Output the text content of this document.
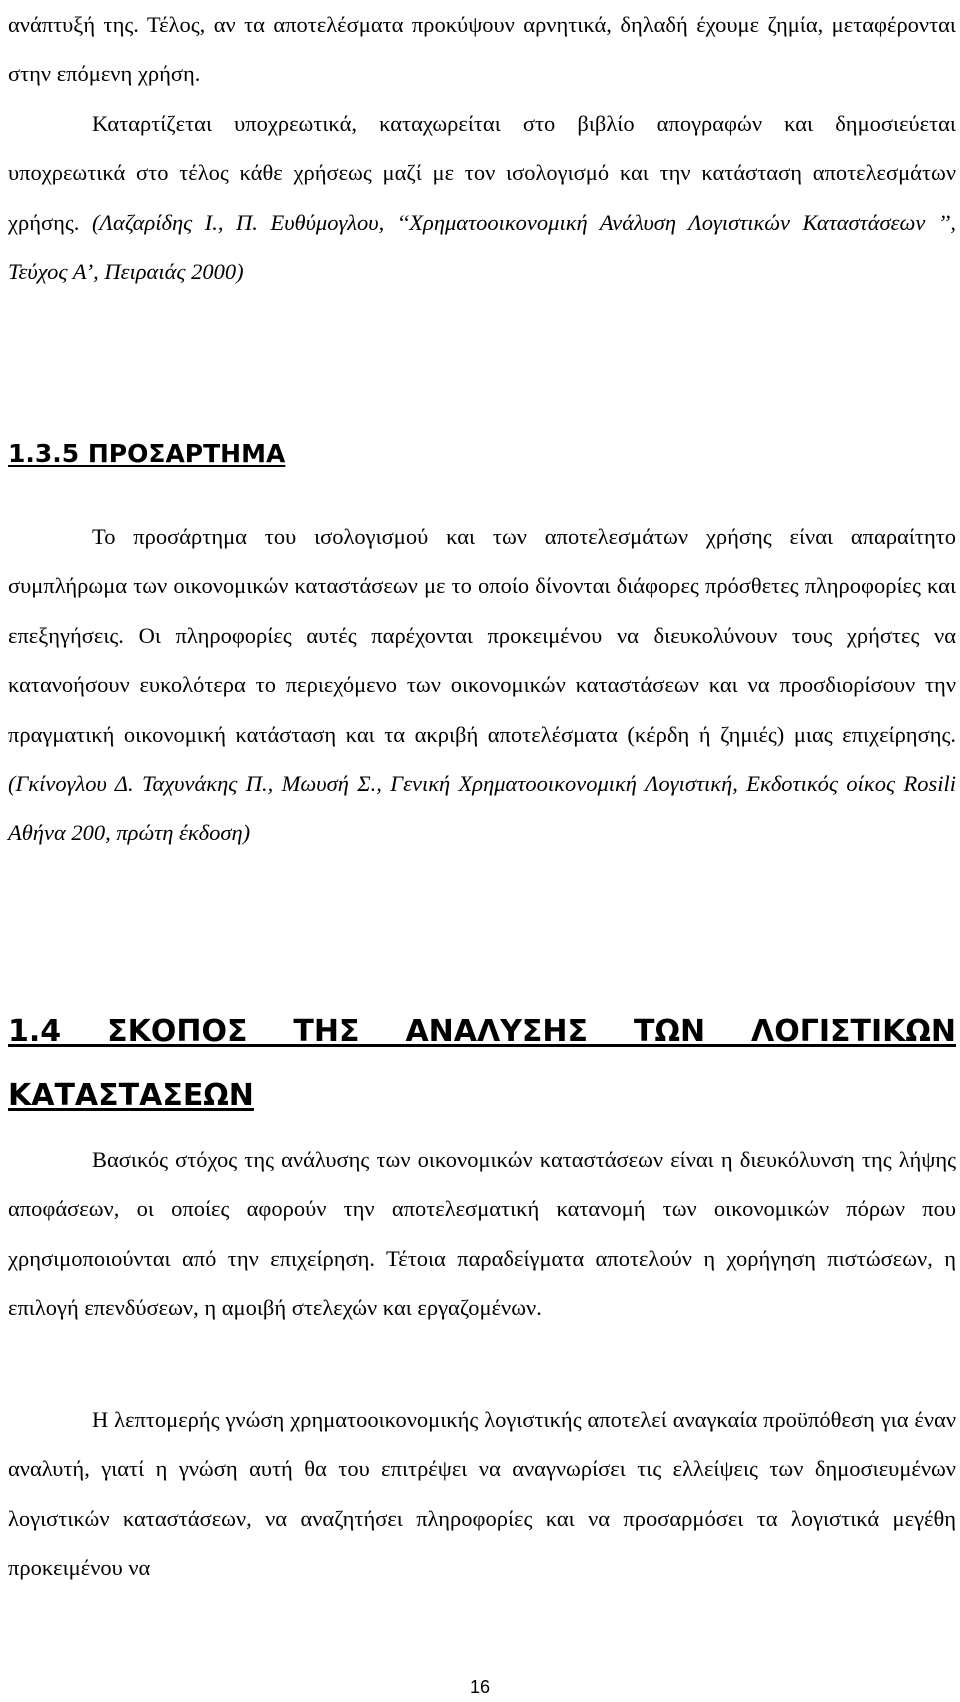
ανάπτυξή της. Τέλος, αν τα αποτελέσματα προκύψουν αρνητικά, δηλαδή έχουμε ζημία, μεταφέρονται στην επόμενη χρήση.

Καταρτίζεται υποχρεωτικά, καταχωρείται στο βιβλίο απογραφών και δημοσιεύεται υποχρεωτικά στο τέλος κάθε χρήσεως μαζί με τον ισολογισμό και την κατάσταση αποτελεσμάτων χρήσης. (Λαζαρίδης Ι., Π. Ευθύμογλου, ‘‘Χρηματοοικονομική Ανάλυση Λογιστικών Καταστάσεων ’’, Τεύχος Α’, Πειραιάς 2000)

1.3.5 ΠΡΟΣΑΡΤΗΜΑ

Το προσάρτημα του ισολογισμού και των αποτελεσμάτων χρήσης είναι απαραίτητο συμπλήρωμα των οικονομικών καταστάσεων με το οποίο δίνονται διάφορες πρόσθετες πληροφορίες και επεξηγήσεις. Οι πληροφορίες αυτές παρέχονται προκειμένου να διευκολύνουν τους χρήστες να κατανοήσουν ευκολότερα το περιεχόμενο των οικονομικών καταστάσεων και να προσδιορίσουν την πραγματική οικονομική κατάσταση και τα ακριβή αποτελέσματα (κέρδη ή ζημιές) μιας επιχείρησης. (Γκίνογλου Δ. Ταχυνάκης Π., Μωυσή Σ., Γενική Χρηματοοικονομική Λογιστική, Εκδοτικός οίκος Rosili Αθήνα 200, πρώτη έκδοση)

1.4 ΣΚΟΠΟΣ ΤΗΣ ΑΝΑΛΥΣΗΣ ΤΩΝ ΛΟΓΙΣΤΙΚΩΝ ΚΑΤΑΣΤΑΣΕΩΝ

Βασικός στόχος της ανάλυσης των οικονομικών καταστάσεων είναι η διευκόλυνση της λήψης αποφάσεων, οι οποίες αφορούν την αποτελεσματική κατανομή των οικονομικών πόρων που χρησιμοποιούνται από την επιχείρηση. Τέτοια παραδείγματα αποτελούν η χορήγηση πιστώσεων, η επιλογή επενδύσεων, η αμοιβή στελεχών και εργαζομένων.

Η λεπτομερής γνώση χρηματοοικονομικής λογιστικής αποτελεί αναγκαία προϋπόθεση για έναν αναλυτή, γιατί η γνώση αυτή θα του επιτρέψει να αναγνωρίσει τις ελλείψεις των δημοσιευμένων λογιστικών καταστάσεων, να αναζητήσει πληροφορίες και να προσαρμόσει τα λογιστικά μεγέθη προκειμένου να

16
